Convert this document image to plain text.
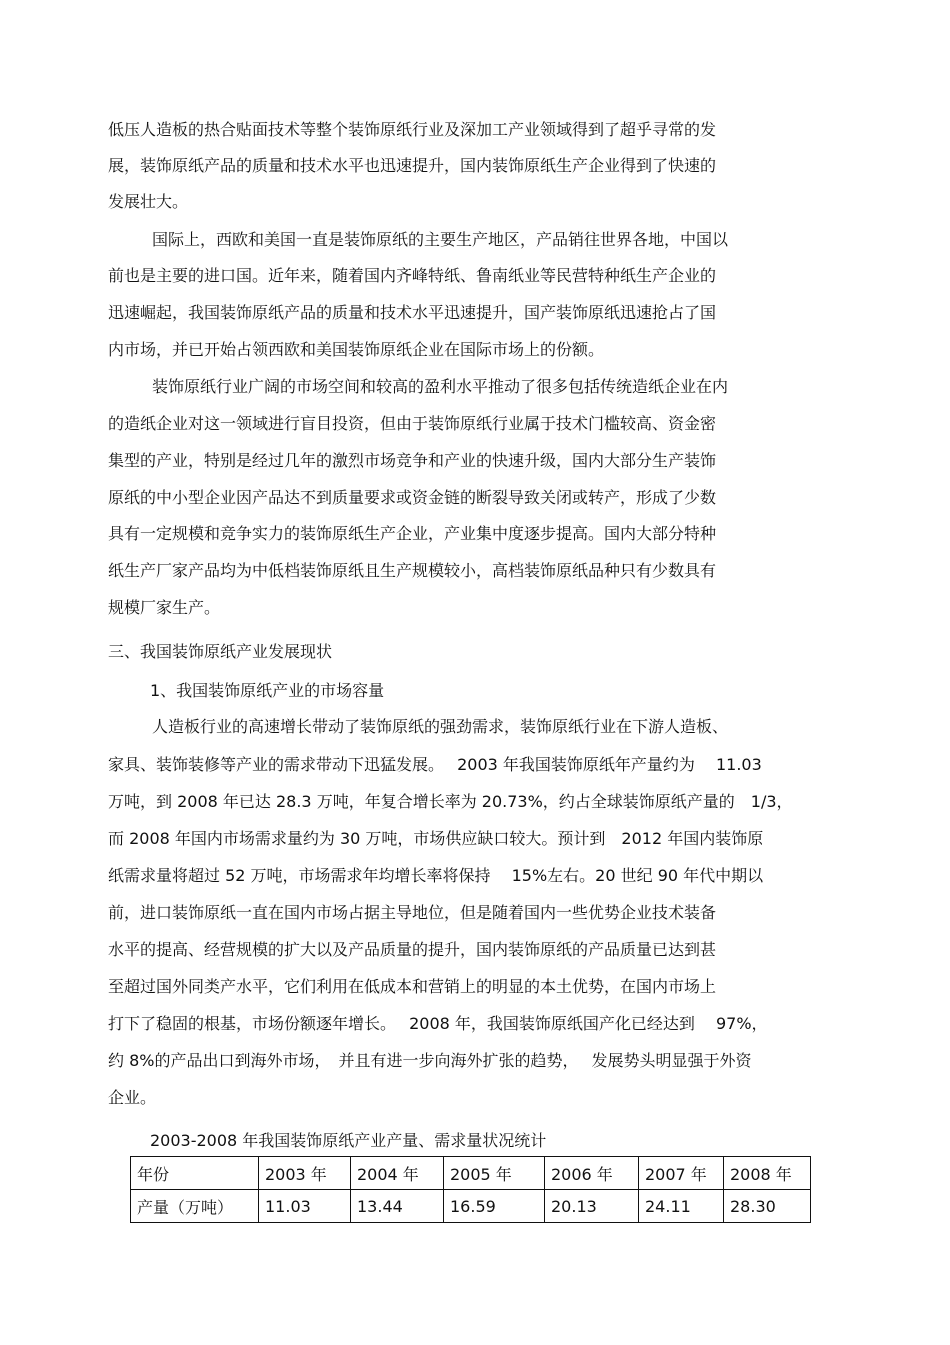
低压人造板的热合贴面技术等整个装饰原纸行业及深加工产业领域得到了超乎寻常的发
展，装饰原纸产品的质量和技术水平也迅速提升，国内装饰原纸生产企业得到了快速的
发展壮大。
国际上，西欧和美国一直是装饰原纸的主要生产地区，产品销往世界各地，中国以
前也是主要的进口国。近年来，随着国内齐峰特纸、鲁南纸业等民营特种纸生产企业的
迅速崛起，我国装饰原纸产品的质量和技术水平迅速提升，国产装饰原纸迅速抢占了国
内市场，并已开始占领西欧和美国装饰原纸企业在国际市场上的份额。
装饰原纸行业广阔的市场空间和较高的盈利水平推动了很多包括传统造纸企业在内
的造纸企业对这一领域进行盲目投资，但由于装饰原纸行业属于技术门槛较高、资金密
集型的产业，特别是经过几年的激烈市场竞争和产业的快速升级，国内大部分生产装饰
原纸的中小型企业因产品达不到质量要求或资金链的断裂导致关闭或转产，形成了少数
具有一定规模和竞争实力的装饰原纸生产企业，产业集中度逐步提高。国内大部分特种
纸生产厂家产品均为中低档装饰原纸且生产规模较小，高档装饰原纸品种只有少数具有
规模厂家生产。
三、我国装饰原纸产业发展现状
1、我国装饰原纸产业的市场容量
人造板行业的高速增长带动了装饰原纸的强劲需求，装饰原纸行业在下游人造板、
家具、装饰装修等产业的需求带动下迅猛发展。　 2003 年我国装饰原纸年产量约为　 11.03
万吨，到 2008 年已达 28.3 万吨，年复合增长率为 20.73%，约占全球装饰原纸产量的　1/3，
而 2008 年国内市场需求量约为 30 万吨，市场供应缺口较大。预计到　2012 年国内装饰原
纸需求量将超过 52 万吨，市场需求年均增长率将保持　 15%左右。20 世纪 90 年代中期以
前，进口装饰原纸一直在国内市场占据主导地位，但是随着国内一些优势企业技术装备
水平的提高、经营规模的扩大以及产品质量的提升，国内装饰原纸的产品质量已达到甚
至超过国外同类产水平，它们利用在低成本和营销上的明显的本土优势，在国内市场上
打下了稳固的根基，市场份额逐年增长。　 2008 年，我国装饰原纸国产化已经达到　 97%，
约 8%的产品出口到海外市场，　并且有进一步向海外扩张的趋势，　 发展势头明显强于外资
企业。
2003-2008 年我国装饰原纸产业产量、需求量状况统计
年份	2003 年	2004 年	2005 年	2006 年	2007 年	2008 年
产量（万吨）	11.03	13.44	16.59	20.13	24.11	28.30
